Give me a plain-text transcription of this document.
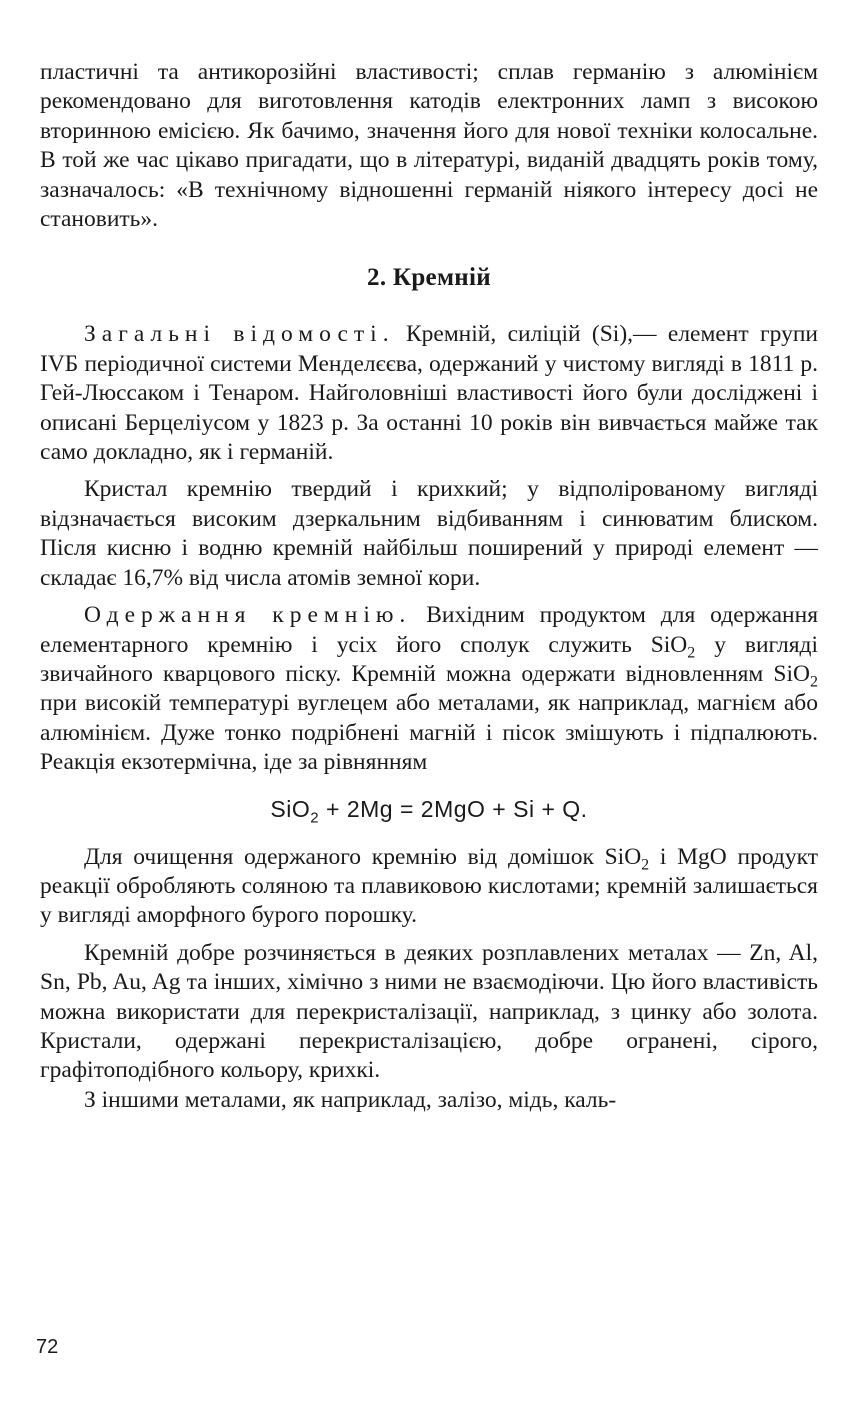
пластичні та антикорозійні властивості; сплав германію з алюмінієм рекомендовано для виготовлення катодів електронних ламп з високою вторинною емісією. Як бачимо, значення його для нової техніки колосальне. В той же час цікаво пригадати, що в літературі, виданій двадцять років тому, зазначалось: «В технічному відношенні германій ніякого інтересу досі не становить».

2. Кремній

Загальні відомості. Кремній, силіцій (Si),— елемент групи IVБ періодичної системи Менделєєва, одержаний у чистому вигляді в 1811 р. Гей-Люссаком і Тенаром. Найголовніші властивості його були досліджені і описані Берцеліусом у 1823 р. За останні 10 років він вивчається майже так само докладно, як і германій.

Кристал кремнію твердий і крихкий; у відполірованому вигляді відзначається високим дзеркальним відбиванням і синюватим блиском. Після кисню і водню кремній найбільш поширений у природі елемент — складає 16,7% від числа атомів земної кори.

Одержання кремнію. Вихідним продуктом для одержання елементарного кремнію і усіх його сполук служить SiO$_2$ у вигляді звичайного кварцового піску. Кремній можна одержати відновленням SiO$_2$ при високій температурі вуглецем або металами, як наприклад, магнієм або алюмінієм. Дуже тонко подрібнені магній і пісок змішують і підпалюють. Реакція екзотермічна, іде за рівнянням

SiO$_2$ + 2Mg = 2MgO + Si + Q.

Для очищення одержаного кремнію від домішок SiO$_2$ і MgO продукт реакції обробляють соляною та плавиковою кислотами; кремній залишається у вигляді аморфного бурого порошку.

Кремній добре розчиняється в деяких розплавлених металах — Zn, Al, Sn, Pb, Au, Ag та інших, хімічно з ними не взаємодіючи. Цю його властивість можна використати для перекристалізації, наприклад, з цинку або золота. Кристали, одержані перекристалізацією, добре огранені, сірого, графітоподібного кольору, крихкі.

З іншими металами, як наприклад, залізо, мідь, каль-

72
